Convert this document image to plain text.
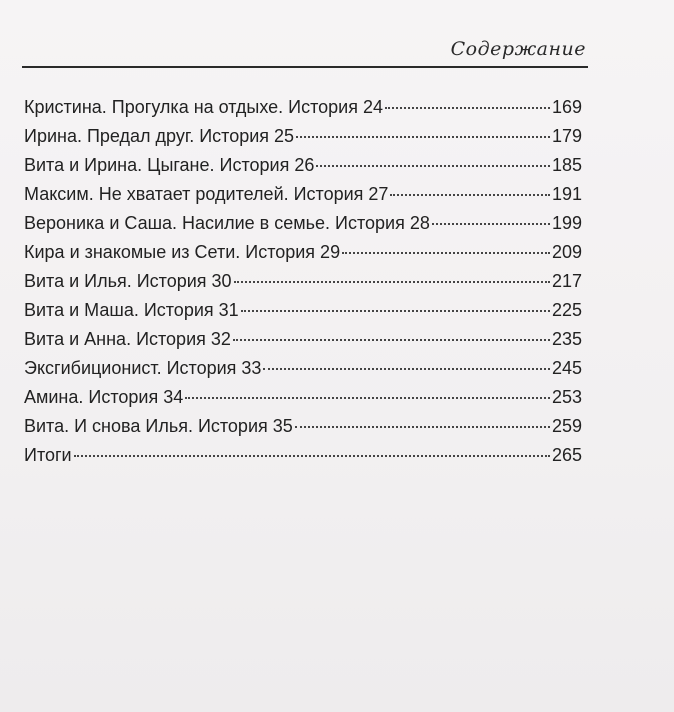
Содержание
Кристина. Прогулка на отдыхе. История 24	169
Ирина. Предал друг. История 25	179
Вита и Ирина. Цыгане. История 26	185
Максим. Не хватает родителей. История 27	191
Вероника и Саша. Насилие в семье. История 28	199
Кира и знакомые из Сети. История 29	209
Вита и Илья. История 30	217
Вита и Маша. История 31	225
Вита и Анна. История 32	235
Эксгибиционист. История 33	245
Амина. История 34	253
Вита. И снова Илья. История 35	259
Итоги	265
